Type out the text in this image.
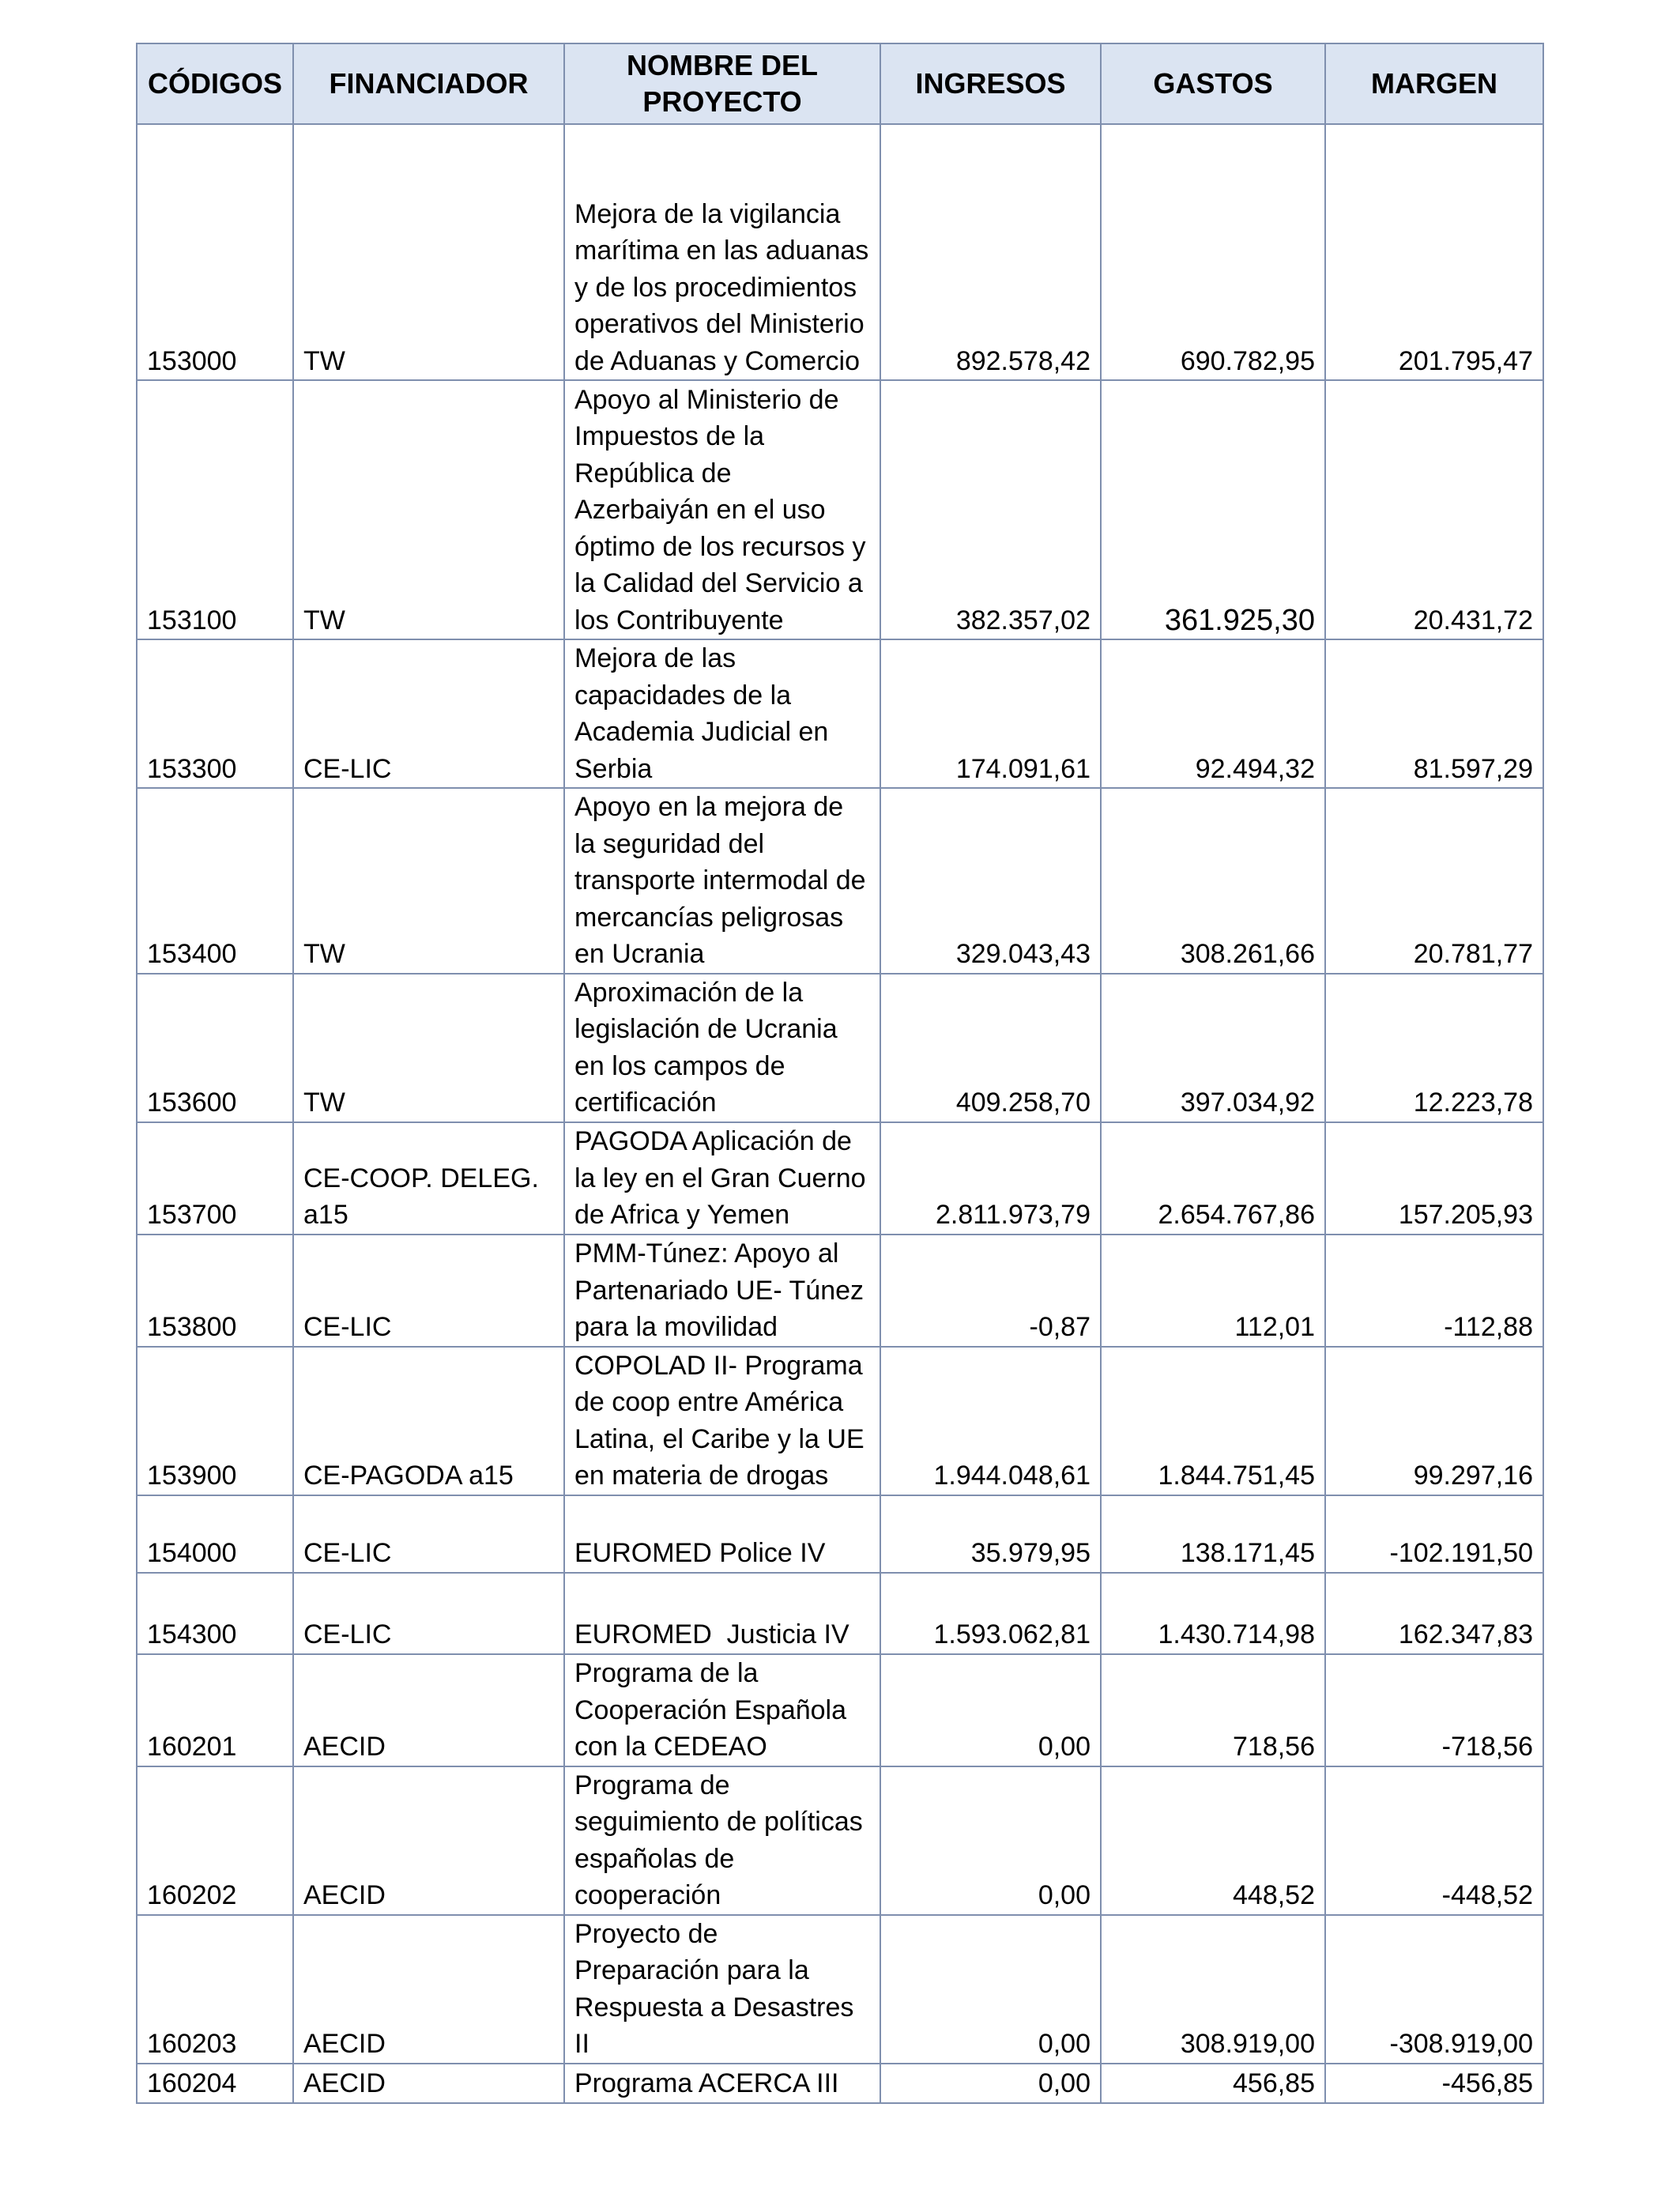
CÓDIGOS	FINANCIADOR	NOMBRE DEL PROYECTO	INGRESOS	GASTOS	MARGEN
153000	TW	Mejora de la vigilancia marítima en las aduanas y de los procedimientos operativos del Ministerio de Aduanas y Comercio	892.578,42	690.782,95	201.795,47
153100	TW	Apoyo al Ministerio de Impuestos de la República de Azerbaiyán en el uso óptimo de los recursos y la Calidad del Servicio a los Contribuyente	382.357,02	361.925,30	20.431,72
153300	CE-LIC	Mejora de las capacidades de la Academia Judicial en Serbia	174.091,61	92.494,32	81.597,29
153400	TW	Apoyo en la mejora de la seguridad del transporte intermodal de mercancías peligrosas en Ucrania	329.043,43	308.261,66	20.781,77
153600	TW	Aproximación de la legislación de Ucrania en los campos de certificación	409.258,70	397.034,92	12.223,78
153700	CE-COOP. DELEG. a15	PAGODA Aplicación de la ley en el Gran Cuerno de Africa y Yemen	2.811.973,79	2.654.767,86	157.205,93
153800	CE-LIC	PMM-Túnez: Apoyo al Partenariado UE- Túnez para la movilidad	-0,87	112,01	-112,88
153900	CE-PAGODA a15	COPOLAD II- Programa de coop entre América Latina, el Caribe y la UE en materia de drogas	1.944.048,61	1.844.751,45	99.297,16
154000	CE-LIC	EUROMED Police IV	35.979,95	138.171,45	-102.191,50
154300	CE-LIC	EUROMED  Justicia IV	1.593.062,81	1.430.714,98	162.347,83
160201	AECID	Programa de la Cooperación Española con la CEDEAO	0,00	718,56	-718,56
160202	AECID	Programa de seguimiento de políticas españolas de cooperación	0,00	448,52	-448,52
160203	AECID	Proyecto de Preparación para la Respuesta a Desastres II	0,00	308.919,00	-308.919,00
160204	AECID	Programa ACERCA III	0,00	456,85	-456,85
